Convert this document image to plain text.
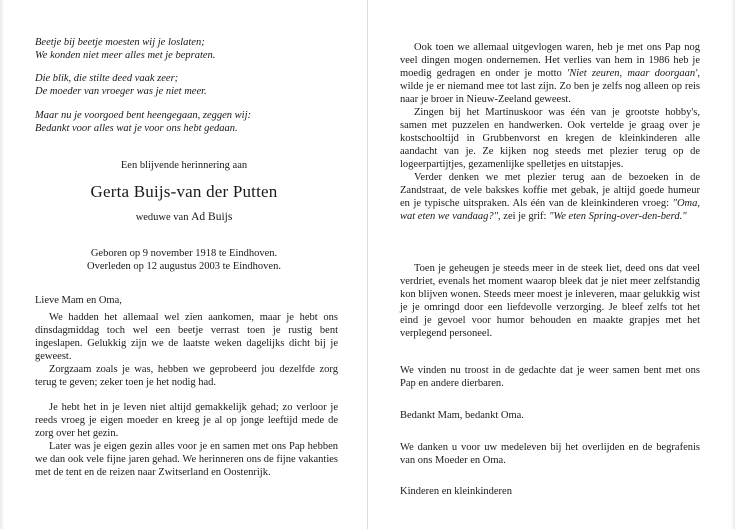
Beetje bij beetje moesten wij je loslaten;
We konden niet meer alles met je bepraten.
Die blik, die stilte deed vaak zeer;
De moeder van vroeger was je niet meer.
Maar nu je voorgoed bent heengegaan, zeggen wij:
Bedankt voor alles wat je voor ons hebt gedaan.
Een blijvende herinnering aan
Gerta Buijs-van der Putten
weduwe van Ad Buijs
Geboren op 9 november 1918 te Eindhoven.
Overleden op 12 augustus 2003 te Eindhoven.
Lieve Mam en Oma,

We hadden het allemaal wel zien aankomen, maar je hebt ons dinsdagmiddag toch wel een beetje verrast toen je rustig bent ingeslapen. Gelukkig zijn we de laatste weken dagelijks dicht bij je geweest.

Zorgzaam zoals je was, hebben we geprobeerd jou dezelfde zorg terug te geven; zeker toen je het nodig had.

Je hebt het in je leven niet altijd gemakkelijk gehad; zo verloor je reeds vroeg je eigen moeder en kreeg je al op jonge leeftijd mede de zorg over het gezin.

Later was je eigen gezin alles voor je en samen met ons Pap hebben we dan ook vele fijne jaren gehad. We herinneren ons de fijne vakanties met de tent en de reizen naar Zwitserland en Oostenrijk.

Ook toen we allemaal uitgevlogen waren, heb je met ons Pap nog veel dingen mogen ondernemen. Het verlies van hem in 1986 heb je moedig gedragen en onder je motto 'Niet zeuren, maar doorgaan', wilde je er niemand mee tot last zijn. Zo ben je zelfs nog alleen op reis naar je broer in Nieuw-Zeeland geweest.

Zingen bij het Martinuskoor was één van je grootste hobby's, samen met puzzelen en handwerken. Ook vertelde je graag over je kostschooltijd in Grubbenvorst en kregen de kleinkinderen alle aandacht van je. Ze kijken nog steeds met plezier terug op de logeerpartijtjes, gezamenlijke spelletjes en uitstapjes.

Verder denken we met plezier terug aan de bezoeken in de Zandstraat, de vele bakskes koffie met gebak, je altijd goede humeur en je typische uitspraken. Als één van de kleinkinderen vroeg: "Oma, wat eten we vandaag?", zei je grif: "We eten Spring-over-den-berd."

Toen je geheugen je steeds meer in de steek liet, deed ons dat veel verdriet, evenals het moment waarop bleek dat je niet meer zelfstandig kon blijven wonen. Steeds meer moest je inleveren, maar gelukkig wist je je omringd door een liefdevolle verzorging. Je bleef zelfs tot het eind je gevoel voor humor behouden en maakte grapjes met het verplegend personeel.

We vinden nu troost in de gedachte dat je weer samen bent met ons Pap en andere dierbaren.

Bedankt Mam, bedankt Oma.

We danken u voor uw medeleven bij het overlijden en de begrafenis van ons Moeder en Oma.

Kinderen en kleinkinderen
